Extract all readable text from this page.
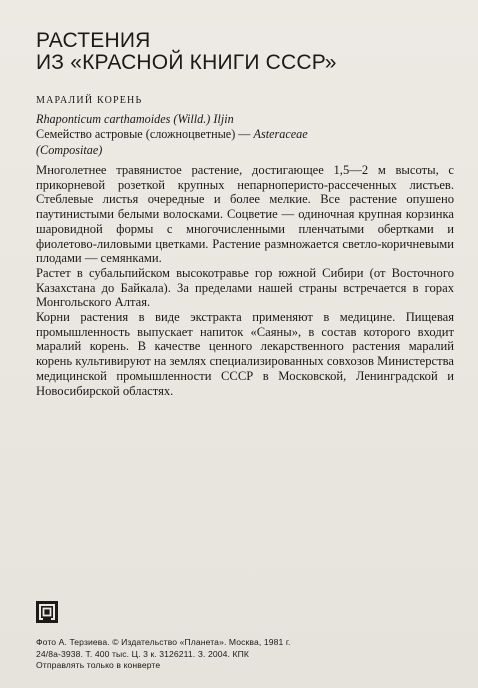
РАСТЕНИЯ
ИЗ «КРАСНОЙ КНИГИ СССР»
МАРАЛИЙ КОРЕНЬ
Rhaponticum carthamoides (Willd.) Iljin
Семейство астровые (сложноцветные) — Asteraceae
(Compositae)

Многолетнее травянистое растение, достигающее 1,5—2 м высоты, с прикорневой розеткой крупных непарноперисто-рассеченных листьев. Стеблевые листья очередные и более мелкие. Все растение опушено паутинистыми белыми волосками. Соцветие — одиночная крупная корзинка шаровидной формы с многочисленными пленчатыми обертками и фиолетово-лиловыми цветками. Растение размножается светло-коричневыми плодами — семянками.

Растет в субальпийском высокотравье гор южной Сибири (от Восточного Казахстана до Байкала). За пределами нашей страны встречается в горах Монгольского Алтая.

Корни растения в виде экстракта применяют в медицине. Пищевая промышленность выпускает напиток «Саяны», в состав которого входит маралий корень. В качестве ценного лекарственного растения маралий корень культивируют на землях специализированных совхозов Министерства медицинской промышленности СССР в Московской, Ленинградской и Новосибирской областях.

Фото А. Терзиева. © Издательство «Планета». Москва, 1981 г.
24/8а-3938. Т. 400 тыс. Ц. 3 к. 3126211. З. 2004. КПК
Отправлять только в конверте
